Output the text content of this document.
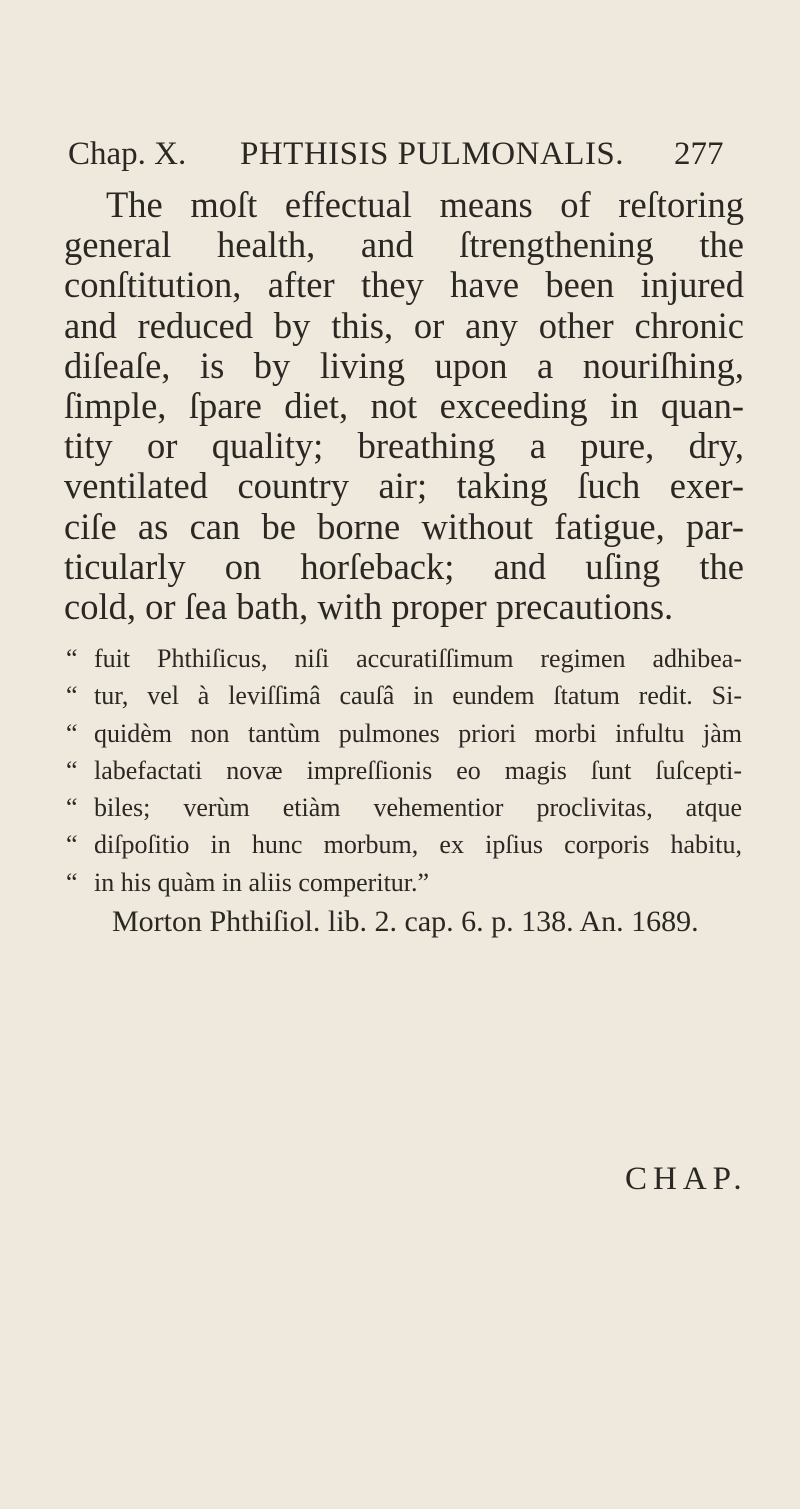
Chap. X. PHTHISIS PULMONALIS. 277
The moſt effectual means of reſtoring
general health, and ſtrengthening the
conſtitution, after they have been injured
and reduced by this, or any other chronic
diſeaſe, is by living upon a nouriſhing,
ſimple, ſpare diet, not exceeding in quan-
tity or quality; breathing a pure, dry,
ventilated country air; taking ſuch exer-
ciſe as can be borne without fatigue, par-
ticularly on horſeback; and uſing the
cold, or ſea bath, with proper precautions.
“ fuit Phthiſicus, niſi accuratiſſimum regimen adhibea-
“ tur, vel à leviſſimâ cauſâ in eundem ſtatum redit. Si-
“ quidèm non tantùm pulmones priori morbi infultu jàm
“ labefactati novæ impreſſionis eo magis ſunt ſuſcepti-
“ biles; verùm etiàm vehementior proclivitas, atque
“ diſpoſitio in hunc morbum, ex ipſius corporis habitu,
“ in his quàm in aliis comperitur.”
Morton Phthiſiol. lib. 2. cap. 6. p. 138. An. 1689.
CHAP.
